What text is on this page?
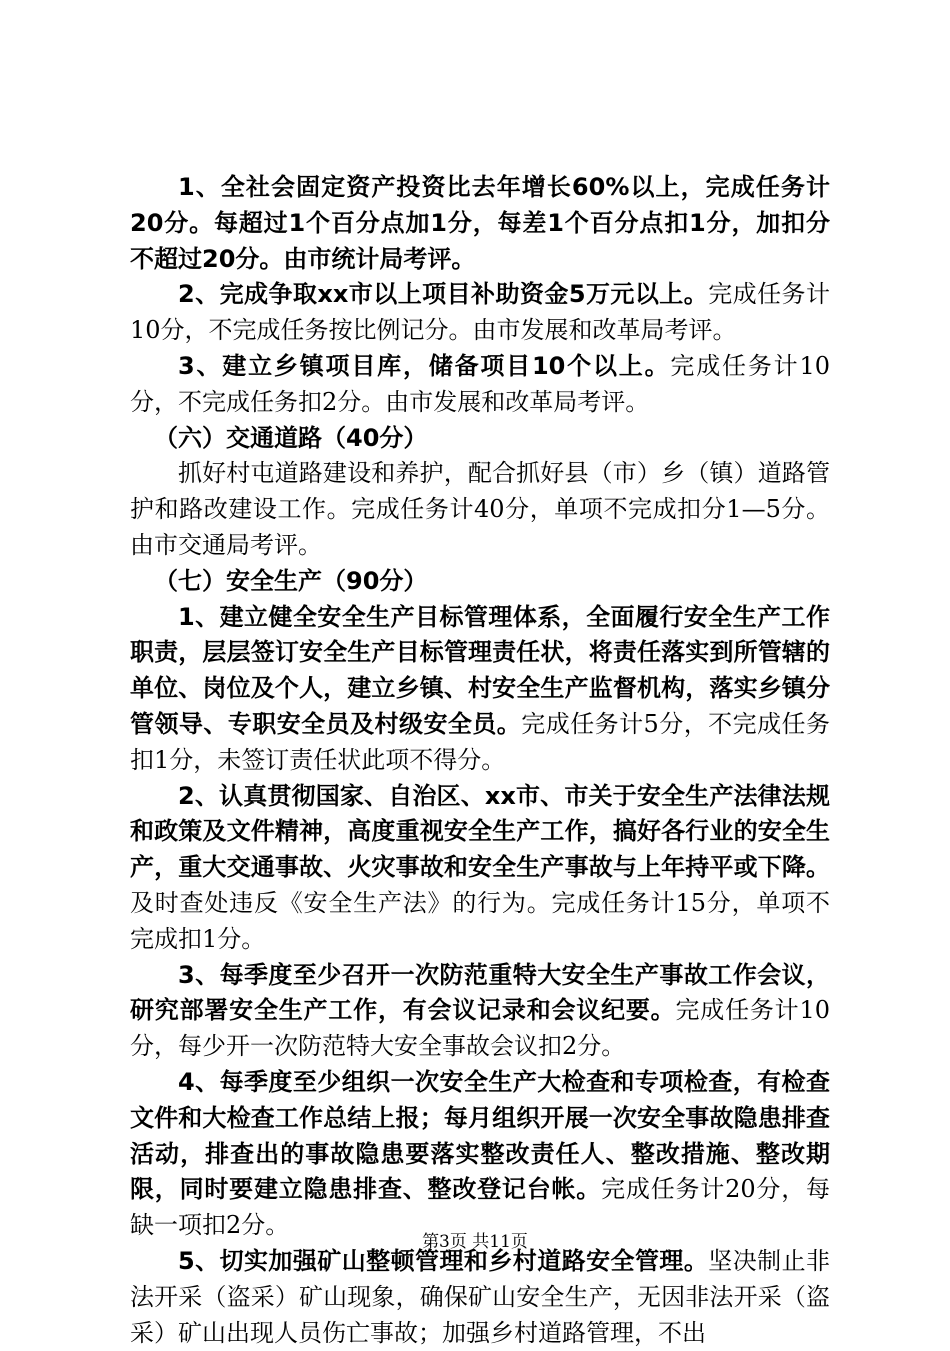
1、全社会固定资产投资比去年增长60%以上，完成任务计20分。每超过1个百分点加1分，每差1个百分点扣1分，加扣分不超过20分。由市统计局考评。

2、完成争取xx市以上项目补助资金5万元以上。完成任务计10分，不完成任务按比例记分。由市发展和改革局考评。

3、建立乡镇项目库，储备项目10个以上。完成任务计10分，不完成任务扣2分。由市发展和改革局考评。

（六）交通道路（40分）

抓好村屯道路建设和养护，配合抓好县（市）乡（镇）道路管护和路改建设工作。完成任务计40分，单项不完成扣分1—5分。由市交通局考评。

（七）安全生产（90分）

1、建立健全安全生产目标管理体系，全面履行安全生产工作职责，层层签订安全生产目标管理责任状，将责任落实到所管辖的单位、岗位及个人，建立乡镇、村安全生产监督机构，落实乡镇分管领导、专职安全员及村级安全员。完成任务计5分，不完成任务扣1分，未签订责任状此项不得分。

2、认真贯彻国家、自治区、xx市、市关于安全生产法律法规和政策及文件精神，高度重视安全生产工作，搞好各行业的安全生产，重大交通事故、火灾事故和安全生产事故与上年持平或下降。及时查处违反《安全生产法》的行为。完成任务计15分，单项不完成扣1分。

3、每季度至少召开一次防范重特大安全生产事故工作会议，研究部署安全生产工作，有会议记录和会议纪要。完成任务计10分，每少开一次防范特大安全事故会议扣2分。

4、每季度至少组织一次安全生产大检查和专项检查，有检查文件和大检查工作总结上报；每月组织开展一次安全事故隐患排查活动，排查出的事故隐患要落实整改责任人、整改措施、整改期限，同时要建立隐患排查、整改登记台帐。完成任务计20分，每缺一项扣2分。

5、切实加强矿山整顿管理和乡村道路安全管理。坚决制止非法开采（盗采）矿山现象，确保矿山安全生产，无因非法开采（盗采）矿山出现人员伤亡事故；加强乡村道路管理，不出

第3页 共11页
